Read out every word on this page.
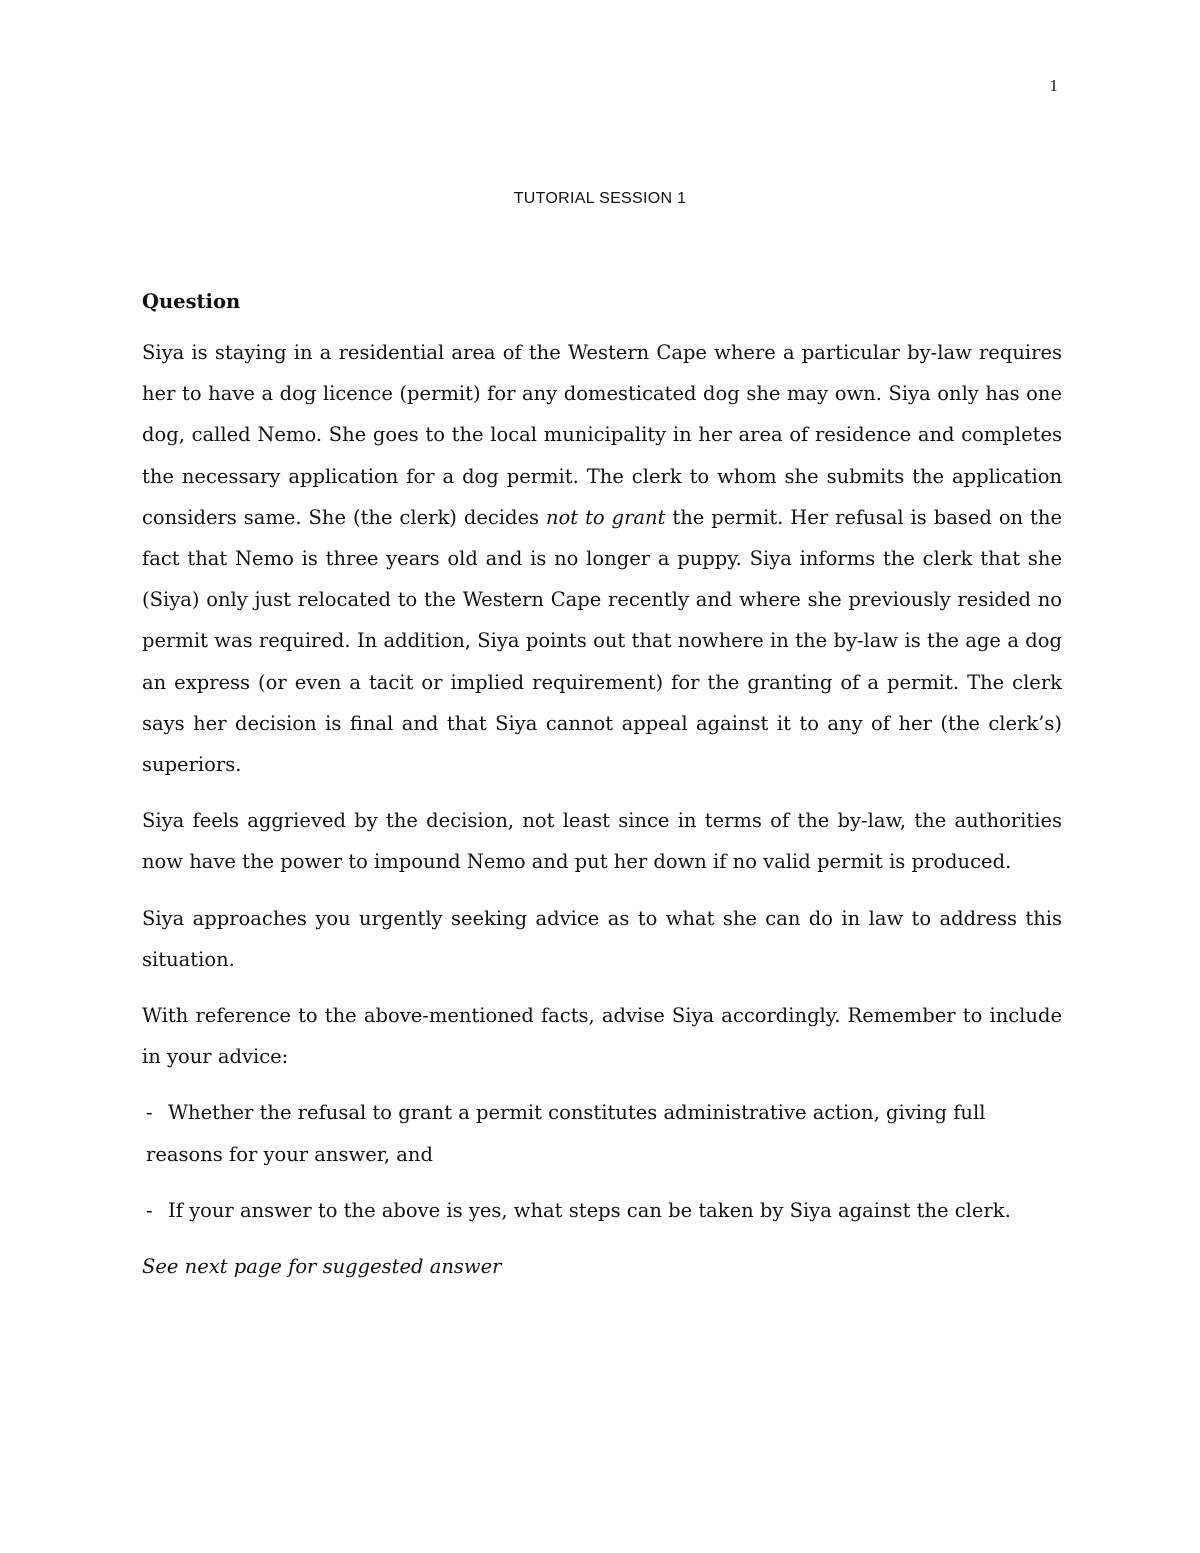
1
TUTORIAL SESSION 1
Question

Siya is staying in a residential area of the Western Cape where a particular by-law requires her to have a dog licence (permit) for any domesticated dog she may own. Siya only has one dog, called Nemo. She goes to the local municipality in her area of residence and completes the necessary application for a dog permit. The clerk to whom she submits the application considers same. She (the clerk) decides not to grant the permit. Her refusal is based on the fact that Nemo is three years old and is no longer a puppy. Siya informs the clerk that she (Siya) only just relocated to the Western Cape recently and where she previously resided no permit was required. In addition, Siya points out that nowhere in the by-law is the age a dog an express (or even a tacit or implied requirement) for the granting of a permit. The clerk says her decision is final and that Siya cannot appeal against it to any of her (the clerk’s) superiors.

Siya feels aggrieved by the decision, not least since in terms of the by-law, the authorities now have the power to impound Nemo and put her down if no valid permit is produced.

Siya approaches you urgently seeking advice as to what she can do in law to address this situation.

With reference to the above-mentioned facts, advise Siya accordingly. Remember to include in your advice:

- Whether the refusal to grant a permit constitutes administrative action, giving full reasons for your answer, and

- If your answer to the above is yes, what steps can be taken by Siya against the clerk.

See next page for suggested answer
